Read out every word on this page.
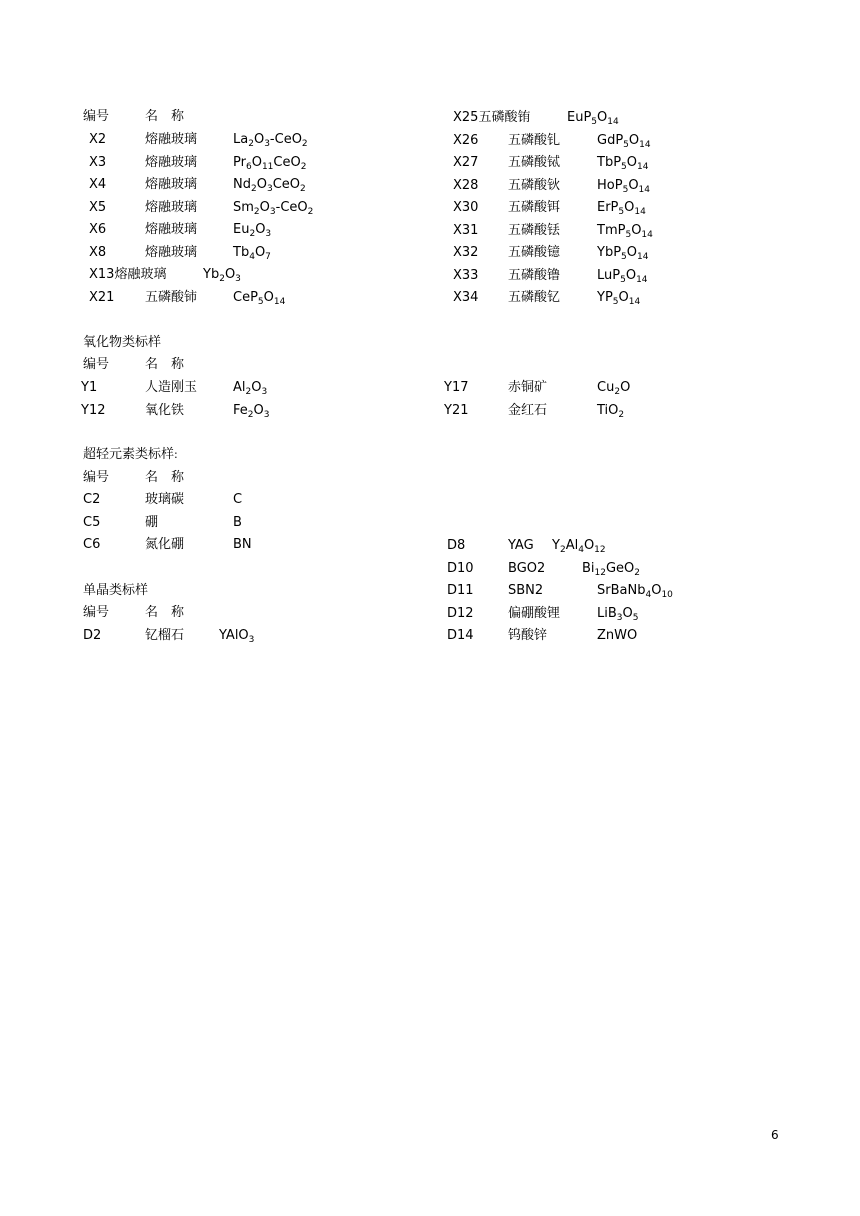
编号	名　称
X2	熔融玻璃	$La_2O_3-CeO_2$
X3	熔融玻璃	$Pr_6O_{11}CeO_2$
X4	熔融玻璃	$Nd_2O_3CeO_2$
X5	熔融玻璃	$Sm_2O_3-CeO_2$
X6	熔融玻璃	$Eu_2O_3$
X8	熔融玻璃	$Tb_4O_7$
X13熔融玻璃	$Yb_2O_3$
X21 五磷酸铈	$CeP_5O_{14}$
X25五磷酸铕	$EuP_5O_{14}$
X26 五磷酸钆	$GdP_5O_{14}$
X27 五磷酸铽	$TbP_5O_{14}$
X28 五磷酸钬	$HoP_5O_{14}$
X30 五磷酸铒	$ErP_5O_{14}$
X31 五磷酸铥	$TmP_5O_{14}$
X32 五磷酸镱	$YbP_5O_{14}$
X33 五磷酸镥	$LuP_5O_{14}$
X34 五磷酸钇	$YP_5O_{14}$
氧化物类标样
编号	名　称
Y1	人造刚玉	$Al_2O_3$
Y12	氧化铁	$Fe_2O_3$
Y17	赤铜矿	$Cu_2O$
Y21	金红石	TiO$_2$
超轻元素类标样:
编号	名　称
C2	玻璃碳	C
C5	硼	B
C6	氮化硼	BN
单晶类标样
编号	名　称
D2	钇榴石	YAlO$_3$
D8	YAG $Y_2Al_4O_{12}$
D10	BGO2	$Bi_{12}GeO_2$
D11	SBN2	$SrBaNb_4O_{10}$
D12	偏硼酸锂	$LiB_3O_5$
D14	钨酸锌	ZnWO
6
